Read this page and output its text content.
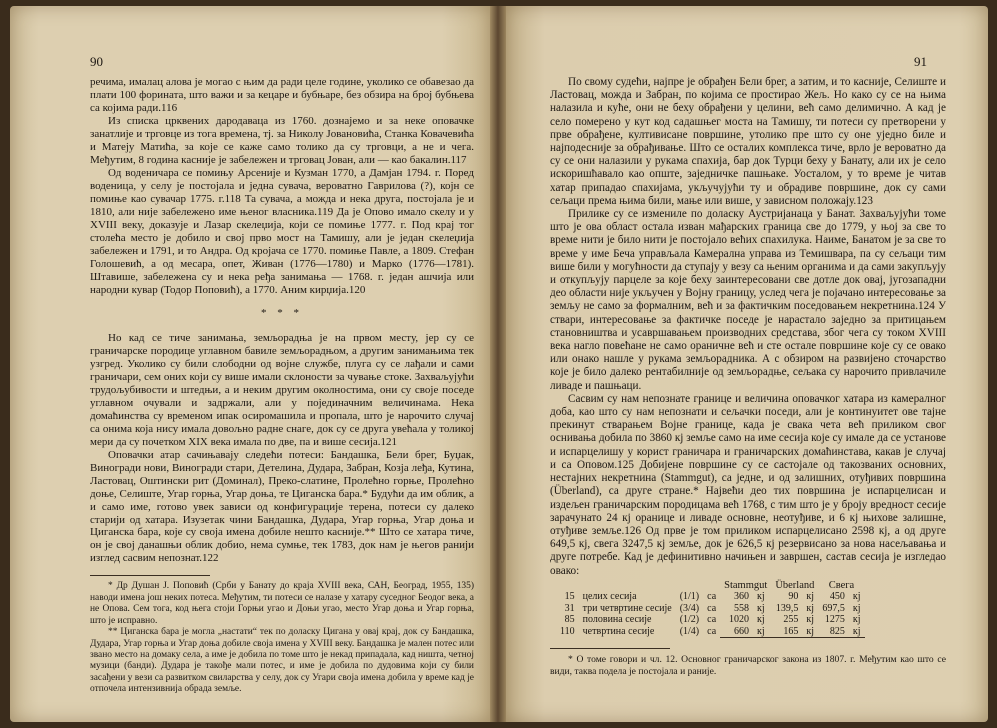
90

речима, ималац алова је могао с њим да ради целе године, уколико се обавезао да плати 100 форината, што важи и за кецаре и бубњаре, без обзира на број бубњева са којима ради.116

Из списка црквених дародаваца из 1760. дознајемо и за неке оповачке занатлије и трговце из тога времена, тј. за Николу Јовановића, Станка Ковачевића и Матеју Матића, за које се каже само толико да су трговци, а не и чега. Међутим, 8 година касније је забележен и трговац Јован, али — као бакалин.117

Од воденичара се помињу Арсеније и Кузман 1770, а Дамјан 1794. г. Поред воденица, у селу је постојала и једна сувача, вероватно Гаврилова (?), којн се помиње као сувачар 1775. г.118 Та сувача, а можда и нека друга, постојала је и 1810, али није забележено име њеног власника.119 Да је Опово имало скелу и у XVIII веку, доказује и Лазар скелеџија, који се помиње 1777. г. Под крај тог столећа место је добило и свој прво мост на Тамишу, али је један скелеџија забележен и 1791, и то Андра. Од кројача се 1770. помиње Павле, а 1809. Стефан Голошевић, а од месара, опет, Живан (1776—1780) и Марко (1776—1781). Штавише, забележена су и нека ређа занимања — 1768. г. један ашчија или народни кувар (Тодор Поповић), а 1770. Аним кирџија.120

* * *

Но кад се тиче занимања, земљорадња је на првом месту, јер су се граничарске породице углавном бавиле земљорадњом, а другим занимањима тек узгред. Уколико су били слободни од војне службе, плугa су се лађали и сами граничари, сем оних који су више имали склоности за чување стоке. Захваљујући трудољубивости и штедњи, а и неким другим околностима, они су своје поседе углавном очували и задржали, али у појединачним величинама. Нека домаћинства су временом ипак осиромашила и пропала, што је нарочито случај са онима која нису имала довољно радне снаге, док су се друга увећала у толикој мери да су почетком XIX века имала по две, па и више сесија.121

Оповачки атар сачињавају следећи потеси: Бандашка, Бели брег, Буџак, Виногради нови, Виногради стари, Детелина, Дудара, Забран, Козја леђа, Кутина, Ластовац, Оштински рит (Доминал), Преко-слатине, Пролећно горње, Пролећно доње, Селиште, Угар горња, Угар доња, те Циганска бара.* Будући да им облик, а и само име, готово увек зависи од конфигурације терена, потеси су далеко старији од хатара. Изузетак чини Бандашка, Дудара, Угар горња, Угар доња и Циганска бара, које су своја имена добиле нешто касније.** Што се хатара тиче, он је свој данашњи облик добио, нема сумње, тек 1783, док нам је његов ранији изглед сасвим непознат.122

* Др Душан Ј. Поповић (Срби у Банату до краја XVIII века, САН, Београд, 1955, 135) наводи имена још неких потеса. Међутим, ти потеси се налазе у хатару суседног Беодог века, а не Опова. Сем тога, код њега стоји Горњи угао и Доњи угао, место Угар доња и Угар горња, што је исправно.

** Циганска бара је могла „настати“ тек по доласку Цигана у овај крај, док су Бандашка, Дудара, Угар горња и Угар доња добиле своја имена у XVIII веку. Бандашка је мален потес или звано место на домаку села, а име је добила по томе што је некад припадала, кад ништа, четној музици (банди). Дудара је такође мали потес, и име је добила по дудовима који су били засађени у вези са развитком свиларства у селу, док су Угари своја имена добила у време кад је отпочела интензивнија обрада земље.

91

По свому судећи, најпре је обрађен Бели брег, а затим, и то касније, Селиште и Ластовац, можда и Забран, по којима се простирао Жељ. Но како су се на њима налазила и куће, они не беху обрађени у целини, већ само делимично. А кад је село померено у кут код садашњег моста на Тамишу, ти потеси су претворени у прве обрађене, култивисане површине, утолико пре што су оне уједно биле и најподесније за обрађивање. Што се осталих комплекса тиче, врло је вероватно да су се они налазили у рукама спахија, бар док Турци беху у Банату, али их је село искоришћавало као опште, заједничке пашњаке. Уосталом, у то време је читав хатар припадао спахијама, укључујући ту и обрадиве површине, док су сами сељаци према њима били, мање или више, у зависном положају.123

Прилике су се измениле по доласку Аустријанаца у Банат. Захваљујући томе што је ова област остала изван мађарских граница све до 1779, у њој за све то време нити је било нити је постојало већих спахилука. Наиме, Банатом је за све то време у име Беча управљала Камерална управа из Темишвара, па су сељаци тим више били у могућности да ступају у везу са њеним органима и да сами закупљују и откупљују парцеле за које беху заинтересовани све дотле док овај, југозападни део области није укључен у Војну границу, услед чега је појачано интересовање за земљу не само за формалним, већ и за фактичким поседовањем некретнина.124 У ствари, интересовање за фактичке поседе је нарастало заједно за притицањем становништва и усавршавањем производних средстава, због чега су током XVIII века нагло повећане не само ораничне већ и сте остале површине које су се овако или онако нашле у рукама земљорадника. А с обзиром на развијено сточарство које је било далеко рентабилније од земљорадње, сељака су нарочито привлачиле ливаде и пашњаци.

Сасвим су нам непознате границе и величина оповачког хатара из камералног доба, као што су нам непознати и сељачки поседи, али је континуитет ове тајне прекинут стварањем Војне границе, када је свака чета већ приликом свог оснивања добила по 3860 кј земље само на име сесија које су имале да се установе и испарцелишу у корист граничара и граничарских домаћинстава, какав је случај и са Оповом.125 Добијене површине су се састојале од такозваних основних, нестајних некретнина (Stammgut), са једне, и од залишних, отуђивих површина (Überland), са друге стране.* Највећи део тих површина је испарцелисан и издељен граничарским породицама већ 1768, с тим што је у броју вредност сесије зарачунато 24 кј оранице и ливаде основне, неотуђиве, и 6 кј њихове залишне, отуђиве земље.126 Од прве је том приликом испарцелисано 2598 кј, а од друге 649,5 кј, свега 3247,5 кј земље, док је 626,5 кј резервисано за нова насељавања и друге потребе. Кад је дефинитивно начињен и завршен, састав сесија је изгледао овако:

				Stammgut		Überland		Свега	
15	целих сесија	(1/1)	са	360	кј	90	кј	450	кј
31	три четвртине сесије	(3/4)	са	558	кј	139,5	кј	697,5	кј
85	половина сесије	(1/2)	са	1020	кј	255	кј	1275	кј
110	четвртина сесије	(1/4)	са	660	кј	165	кј	825	кј

* О томе говори и чл. 12. Основног граничарског закона из 1807. г. Међутим као што се види, таква подела је постојала и раније.
